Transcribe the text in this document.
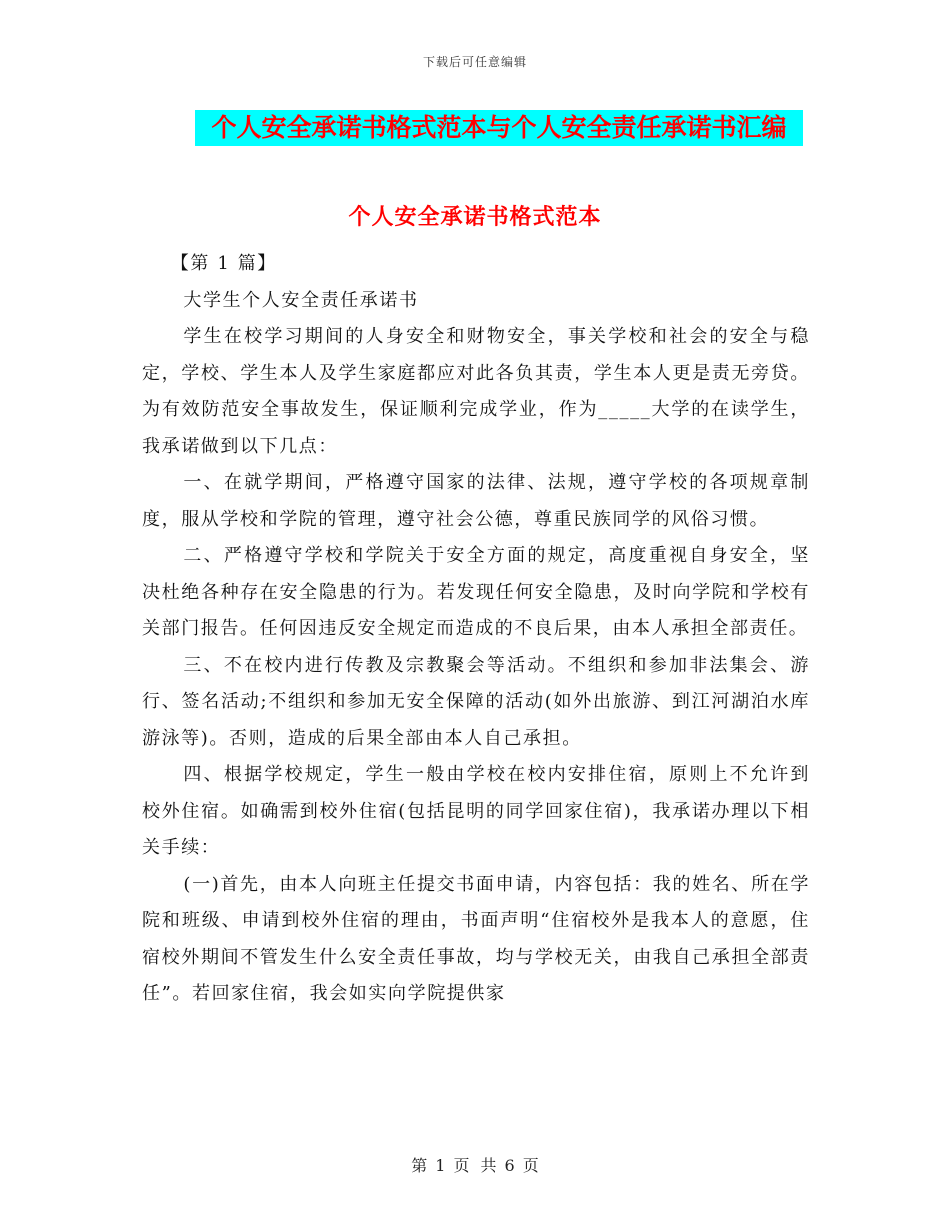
下载后可任意编辑
个人安全承诺书格式范本与个人安全责任承诺书汇编
个人安全承诺书格式范本

【第 1 篇】

大学生个人安全责任承诺书

学生在校学习期间的人身安全和财物安全，事关学校和社会的安全与稳定，学校、学生本人及学生家庭都应对此各负其责，学生本人更是责无旁贷。为有效防范安全事故发生，保证顺利完成学业，作为_____大学的在读学生，我承诺做到以下几点：

一、在就学期间，严格遵守国家的法律、法规，遵守学校的各项规章制度，服从学校和学院的管理，遵守社会公德，尊重民族同学的风俗习惯。

二、严格遵守学校和学院关于安全方面的规定，高度重视自身安全，坚决杜绝各种存在安全隐患的行为。若发现任何安全隐患，及时向学院和学校有关部门报告。任何因违反安全规定而造成的不良后果，由本人承担全部责任。

三、不在校内进行传教及宗教聚会等活动。不组织和参加非法集会、游行、签名活动;不组织和参加无安全保障的活动(如外出旅游、到江河湖泊水库游泳等)。否则，造成的后果全部由本人自己承担。

四、根据学校规定，学生一般由学校在校内安排住宿，原则上不允许到校外住宿。如确需到校外住宿(包括昆明的同学回家住宿)，我承诺办理以下相关手续：

(一)首先，由本人向班主任提交书面申请，内容包括：我的姓名、所在学院和班级、申请到校外住宿的理由，书面声明“住宿校外是我本人的意愿，住宿校外期间不管发生什么安全责任事故，均与学校无关，由我自己承担全部责任”。若回家住宿，我会如实向学院提供家

第 1 页 共 6 页
